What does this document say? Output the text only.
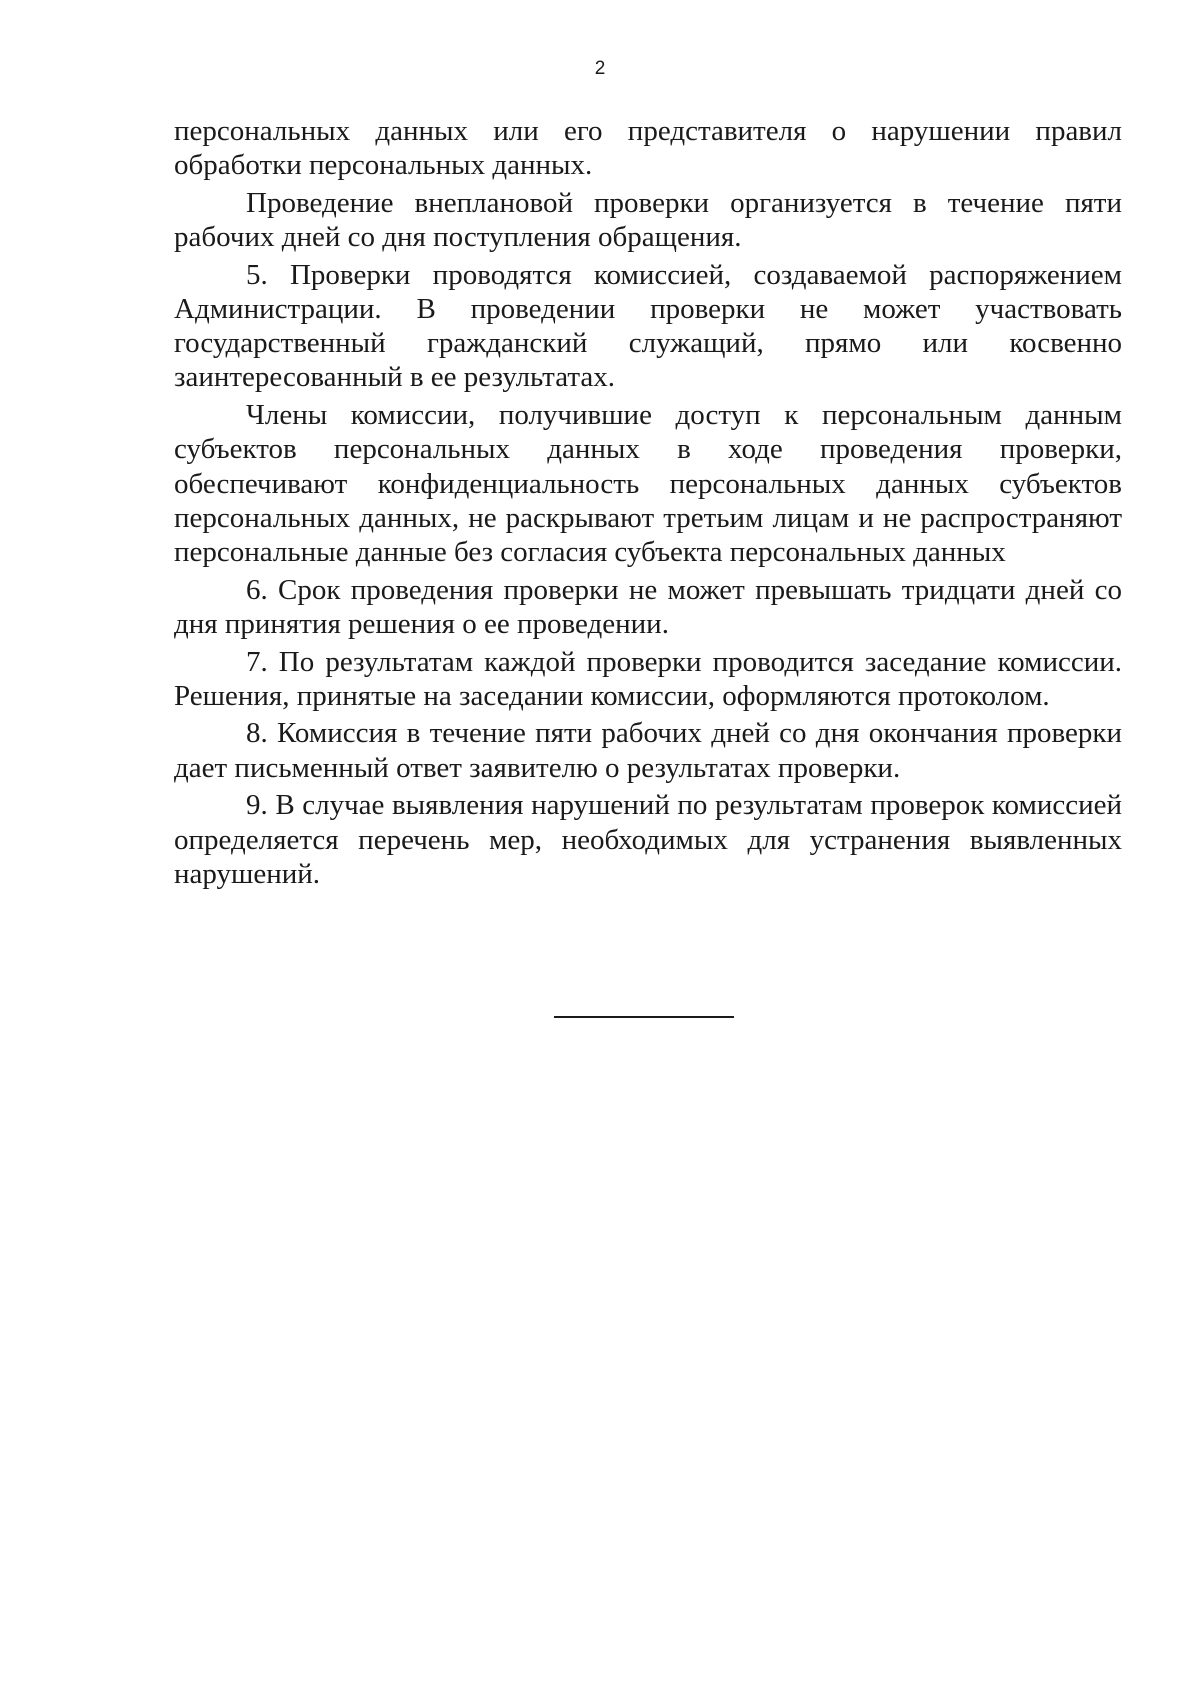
2

персональных данных или его представителя о нарушении правил обработки персональных данных.

Проведение внеплановой проверки организуется в течение пяти рабочих дней со дня поступления обращения.

5. Проверки проводятся комиссией, создаваемой распоряжением Администрации. В проведении проверки не может участвовать государственный гражданский служащий, прямо или косвенно заинтересованный в ее результатах.

Члены комиссии, получившие доступ к персональным данным субъектов персональных данных в ходе проведения проверки, обеспечивают конфиденциальность персональных данных субъектов персональных данных, не раскрывают третьим лицам и не распространяют персональные данные без согласия субъекта персональных данных

6. Срок проведения проверки не может превышать тридцати дней со дня принятия решения о ее проведении.

7. По результатам каждой проверки проводится заседание комиссии. Решения, принятые на заседании комиссии, оформляются протоколом.

8. Комиссия в течение пяти рабочих дней со дня окончания проверки дает письменный ответ заявителю о результатах проверки.

9. В случае выявления нарушений по результатам проверок комиссией определяется перечень мер, необходимых для устранения выявленных нарушений.
